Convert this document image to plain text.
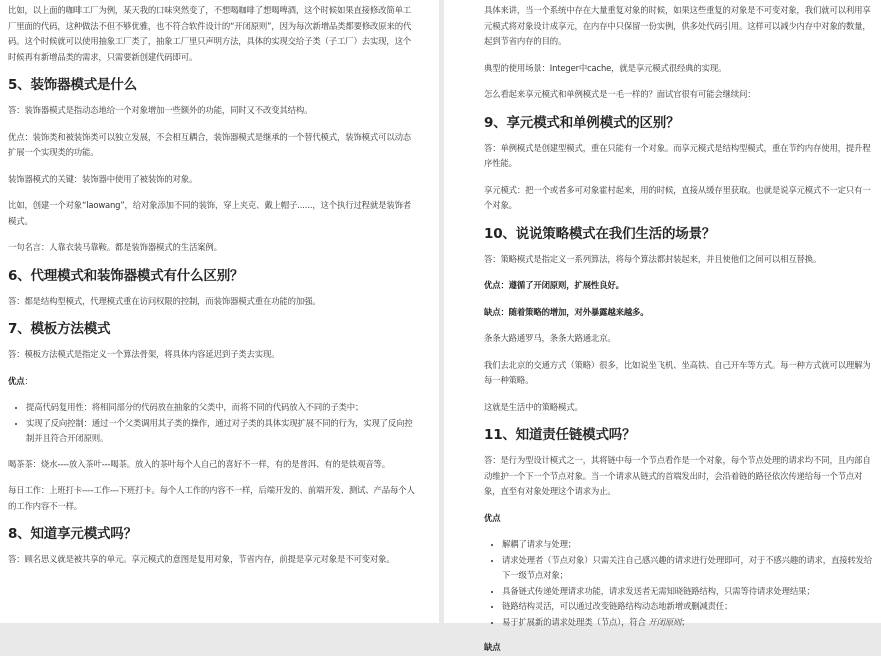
比如，以上面的咖啡工厂为例，某天我的口味突然变了，不想喝咖啡了想喝啤酒，这个时候如果直接修改简单工厂里面的代码，这种做法不但不够优雅，也不符合软件设计的“开闭原则”，因为每次新增品类都要修改原来的代码。这个时候就可以使用抽象工厂类了，抽象工厂里只声明方法，具体的实现交给子类（子工厂）去实现，这个时候再有新增品类的需求，只需要新创建代码即可。

5、装饰器模式是什么

答：装饰器模式是指动态地给一个对象增加一些额外的功能，同时又不改变其结构。

优点：装饰类和被装饰类可以独立发展，不会相互耦合，装饰器模式是继承的一个替代模式，装饰模式可以动态扩展一个实现类的功能。

装饰器模式的关键：装饰器中使用了被装饰的对象。

比如，创建一个对象“laowang”，给对象添加不同的装饰，穿上夹克、戴上帽子......，这个执行过程就是装饰者模式。

一句名言：人靠衣装马靠鞍。都是装饰器模式的生活案例。

6、代理模式和装饰器模式有什么区别？

答：都是结构型模式，代理模式重在访问权限的控制，而装饰器模式重在功能的加强。

7、模板方法模式

答：模板方法模式是指定义一个算法骨架，将具体内容延迟到子类去实现。

优点：

• 提高代码复用性：将相同部分的代码放在抽象的父类中，而将不同的代码放入不同的子类中；
• 实现了反向控制：通过一个父类调用其子类的操作，通过对子类的具体实现扩展不同的行为，实现了反向控制并且符合开闭原则。

喝茶茶：烧水----放入茶叶---喝茶。放入的茶叶每个人自己的喜好不一样，有的是普洱、有的是铁观音等。

每日工作：上班打卡----工作---下班打卡。每个人工作的内容不一样，后端开发的、前端开发、测试、产品每个人的工作内容不一样。

8、知道享元模式吗？

答：顾名思义就是被共享的单元。享元模式的意图是复用对象，节省内存，前提是享元对象是不可变对象。

具体来讲，当一个系统中存在大量重复对象的时候，如果这些重复的对象是不可变对象，我们就可以利用享元模式将对象设计成享元，在内存中只保留一份实例，供多处代码引用。这样可以减少内存中对象的数量，起到节省内存的目的。

典型的使用场景：Integer中cache，就是享元模式很经典的实现。

怎么看起来享元模式和单例模式是一毛一样的？面试官很有可能会继续问：

9、享元模式和单例模式的区别？

答：单例模式是创建型模式，重在只能有一个对象。而享元模式是结构型模式，重在节约内存使用，提升程序性能。

享元模式：把一个或者多可对象霍村起来，用的时候，直接从缓存里获取。也就是说享元模式不一定只有一个对象。

10、说说策略模式在我们生活的场景？

答：策略模式是指定义一系列算法，将每个算法都封装起来，并且使他们之间可以相互替换。

优点：遵循了开闭原则，扩展性良好。

缺点：随着策略的增加，对外暴露越来越多。

条条大路通罗马，条条大路通北京。

我们去北京的交通方式（策略）很多，比如说坐飞机、坐高铁、自己开车等方式。每一种方式就可以理解为每一种策略。

这就是生活中的策略模式。

11、知道责任链模式吗？

答：是行为型设计模式之一，其将链中每一个节点看作是一个对象，每个节点处理的请求均不同，且内部自动维护一个下一个节点对象。当一个请求从链式的首端发出时，会沿着链的路径依次传递给每一个节点对象，直至有对象处理这个请求为止。

优点

• 解耦了请求与处理；
• 请求处理者（节点对象）只需关注自己感兴趣的请求进行处理即可，对于不感兴趣的请求，直接转发给下一级节点对象；
• 具备链式传递处理请求功能，请求发送者无需知晓链路结构，只需等待请求处理结果；
• 链路结构灵活，可以通过改变链路结构动态地新增或删减责任；
• 易于扩展新的请求处理类（节点），符合 开闭原则；

缺点
